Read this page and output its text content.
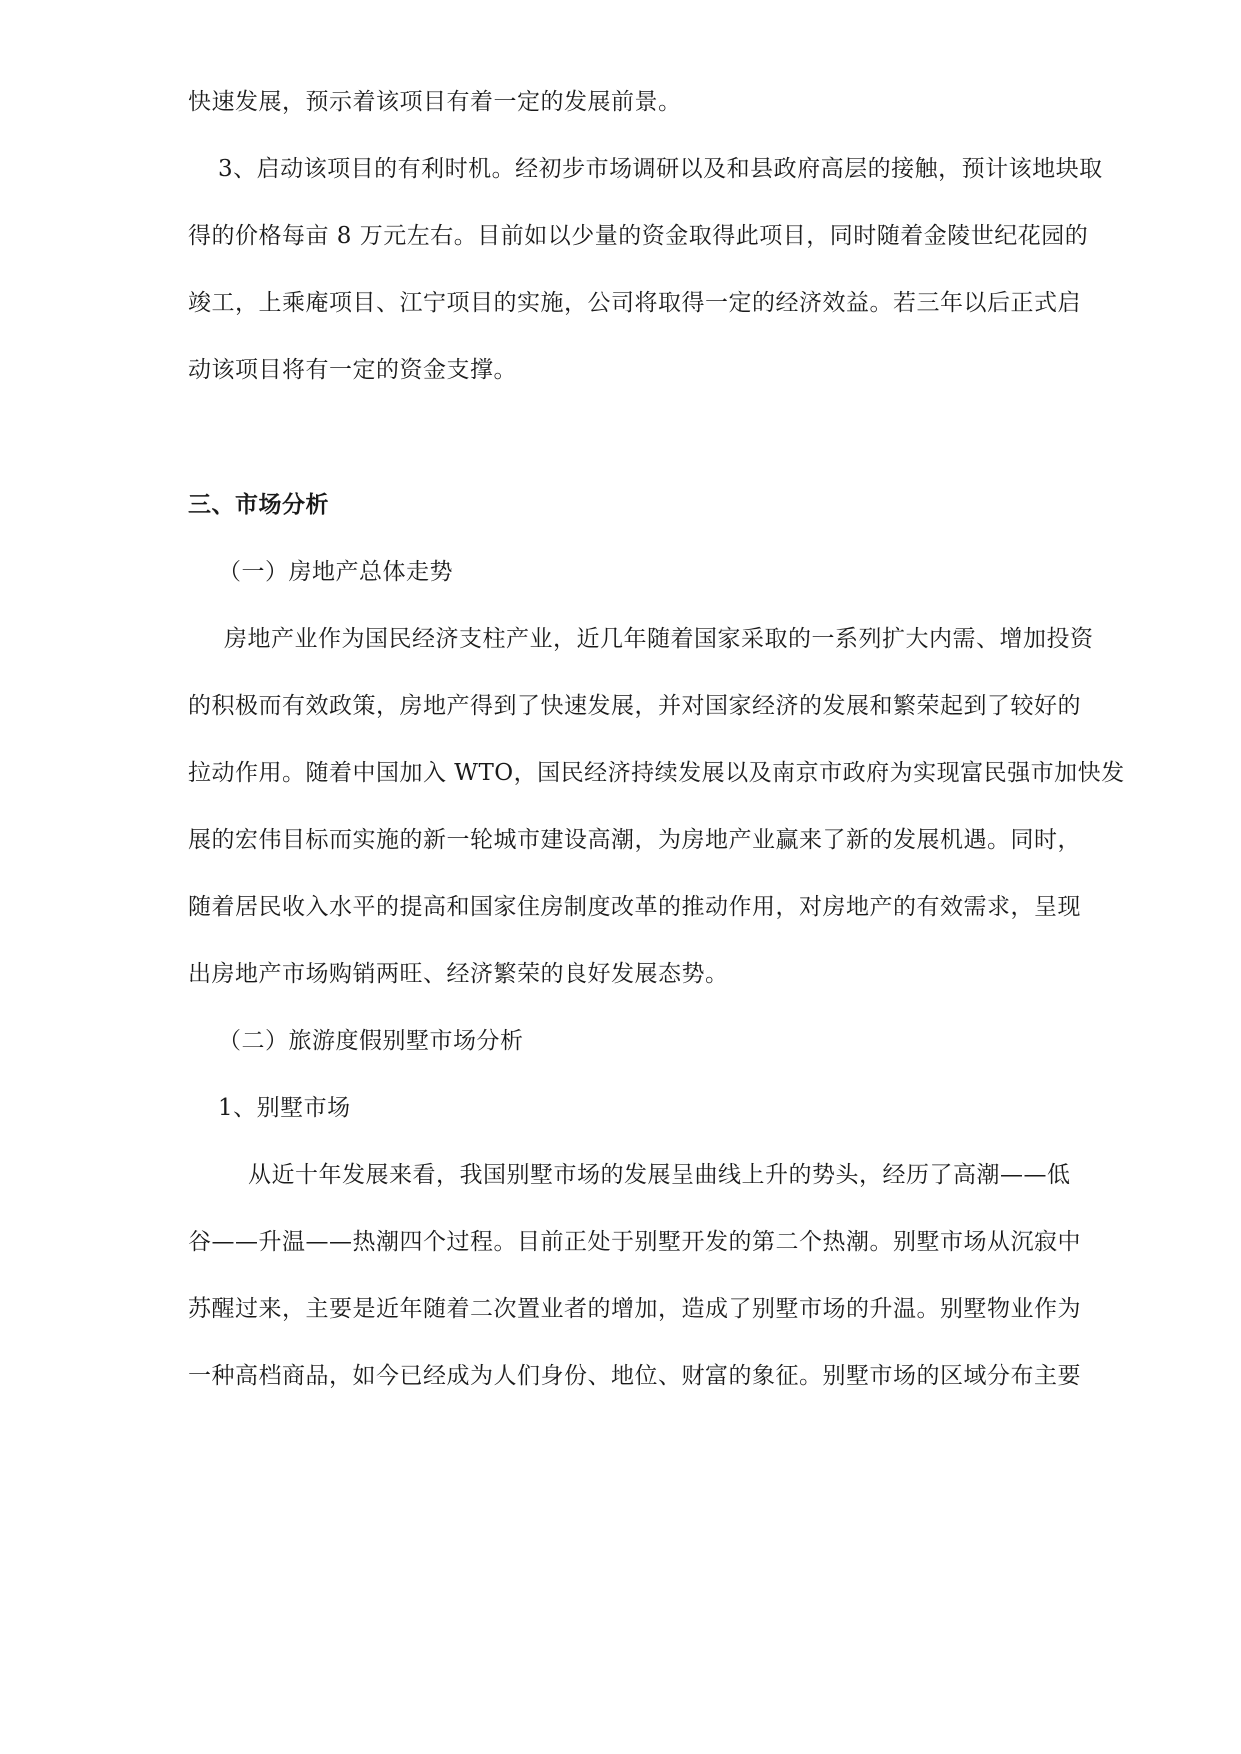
快速发展，预示着该项目有着一定的发展前景。
3、启动该项目的有利时机。经初步市场调研以及和县政府高层的接触，预计该地块取
得的价格每亩 8 万元左右。目前如以少量的资金取得此项目，同时随着金陵世纪花园的
竣工，上乘庵项目、江宁项目的实施，公司将取得一定的经济效益。若三年以后正式启
动该项目将有一定的资金支撑。
三、市场分析
（一）房地产总体走势
房地产业作为国民经济支柱产业，近几年随着国家采取的一系列扩大内需、增加投资
的积极而有效政策，房地产得到了快速发展，并对国家经济的发展和繁荣起到了较好的
拉动作用。随着中国加入 WTO，国民经济持续发展以及南京市政府为实现富民强市加快发
展的宏伟目标而实施的新一轮城市建设高潮，为房地产业赢来了新的发展机遇。同时，
随着居民收入水平的提高和国家住房制度改革的推动作用，对房地产的有效需求，呈现
出房地产市场购销两旺、经济繁荣的良好发展态势。
（二）旅游度假别墅市场分析
1、别墅市场
从近十年发展来看，我国别墅市场的发展呈曲线上升的势头，经历了高潮——低
谷——升温——热潮四个过程。目前正处于别墅开发的第二个热潮。别墅市场从沉寂中
苏醒过来，主要是近年随着二次置业者的增加，造成了别墅市场的升温。别墅物业作为
一种高档商品，如今已经成为人们身份、地位、财富的象征。别墅市场的区域分布主要
